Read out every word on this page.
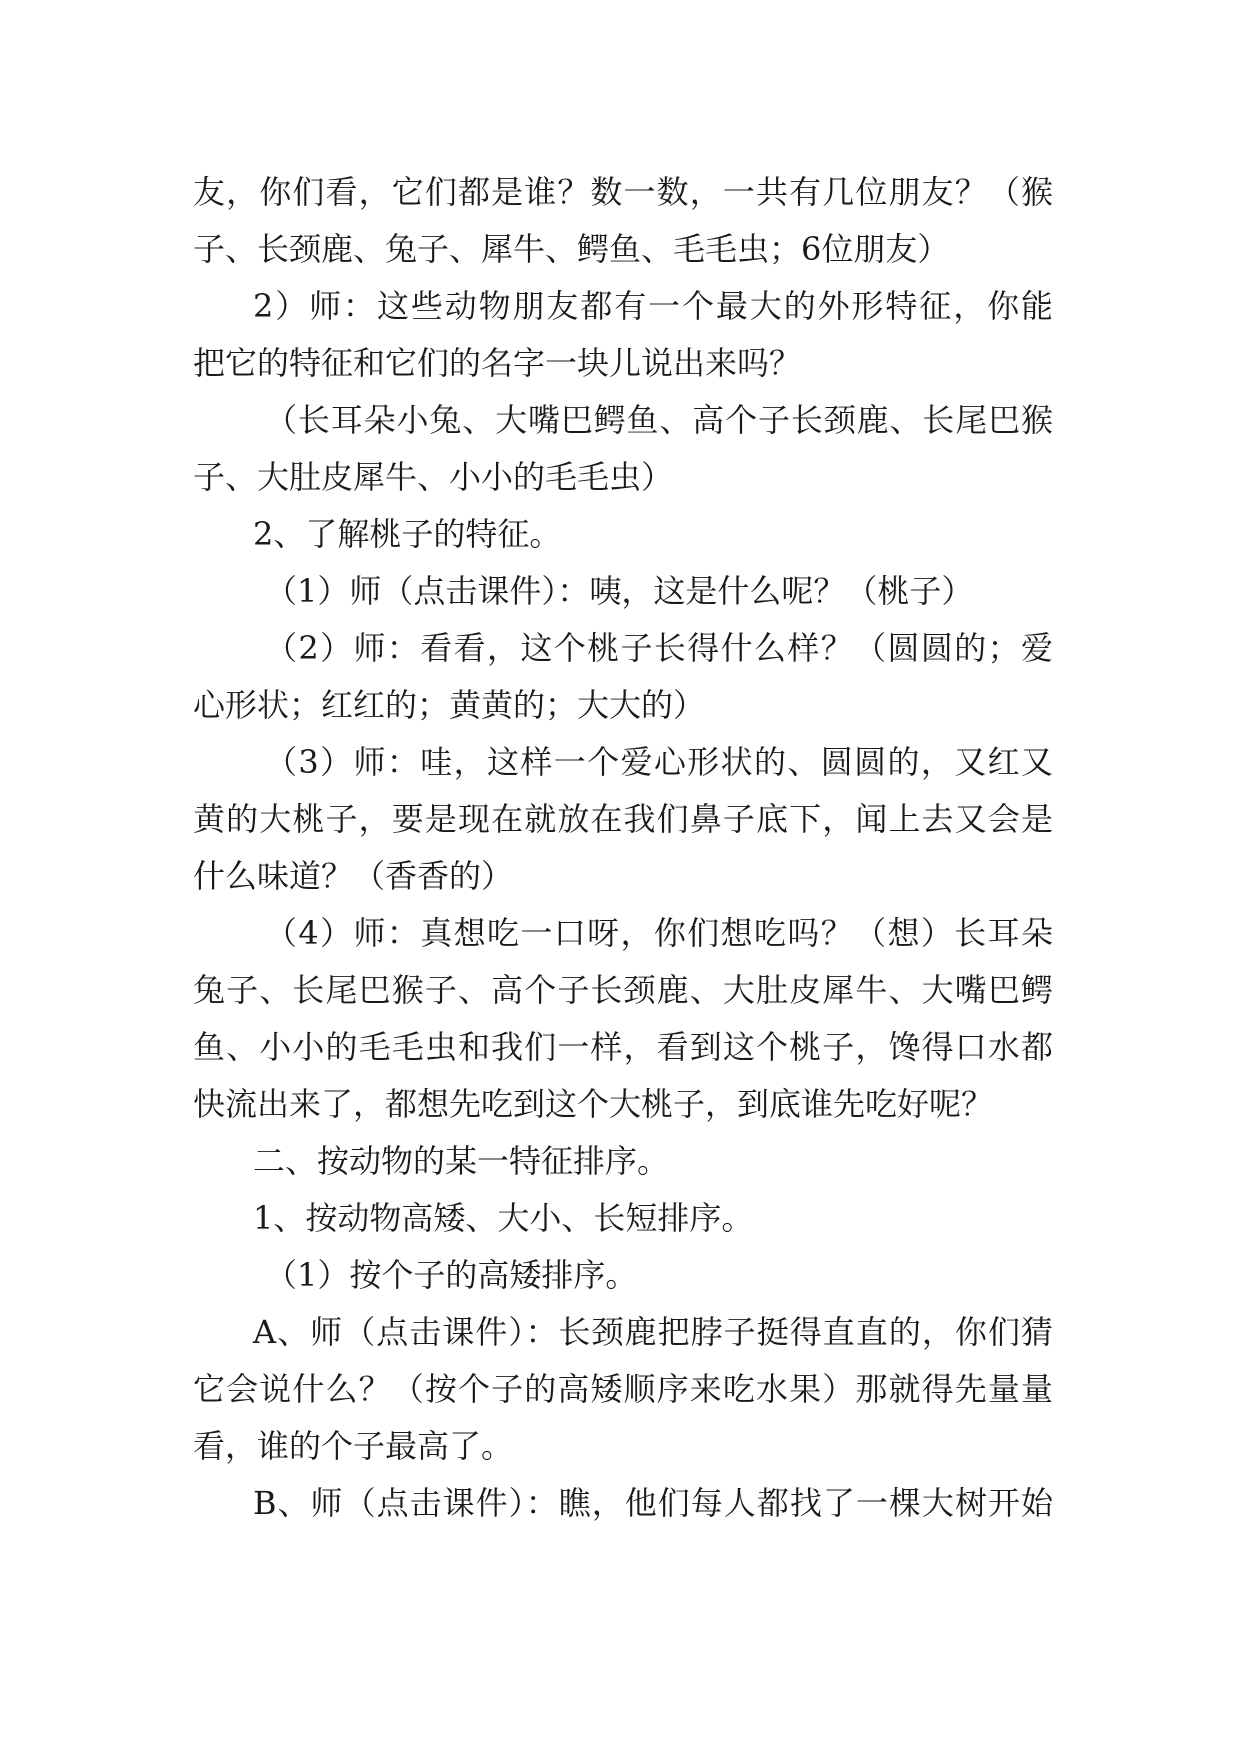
友，你们看，它们都是谁？数一数，一共有几位朋友？（猴
子、长颈鹿、兔子、犀牛、鳄鱼、毛毛虫；6位朋友）
2）师：这些动物朋友都有一个最大的外形特征，你能
把它的特征和它们的名字一块儿说出来吗？
（长耳朵小兔、大嘴巴鳄鱼、高个子长颈鹿、长尾巴猴
子、大肚皮犀牛、小小的毛毛虫）
2、了解桃子的特征。
（1）师（点击课件）：咦，这是什么呢？（桃子）
（2）师：看看，这个桃子长得什么样？（圆圆的；爱
心形状；红红的；黄黄的；大大的）
（3）师：哇，这样一个爱心形状的、圆圆的，又红又
黄的大桃子，要是现在就放在我们鼻子底下，闻上去又会是
什么味道？（香香的）
（4）师：真想吃一口呀，你们想吃吗？（想）长耳朵
兔子、长尾巴猴子、高个子长颈鹿、大肚皮犀牛、大嘴巴鳄
鱼、小小的毛毛虫和我们一样，看到这个桃子，馋得口水都
快流出来了，都想先吃到这个大桃子，到底谁先吃好呢？
二、按动物的某一特征排序。
1、按动物高矮、大小、长短排序。
（1）按个子的高矮排序。
A、师（点击课件）：长颈鹿把脖子挺得直直的，你们猜
它会说什么？（按个子的高矮顺序来吃水果）那就得先量量
看，谁的个子最高了。
B、师（点击课件）：瞧，他们每人都找了一棵大树开始
